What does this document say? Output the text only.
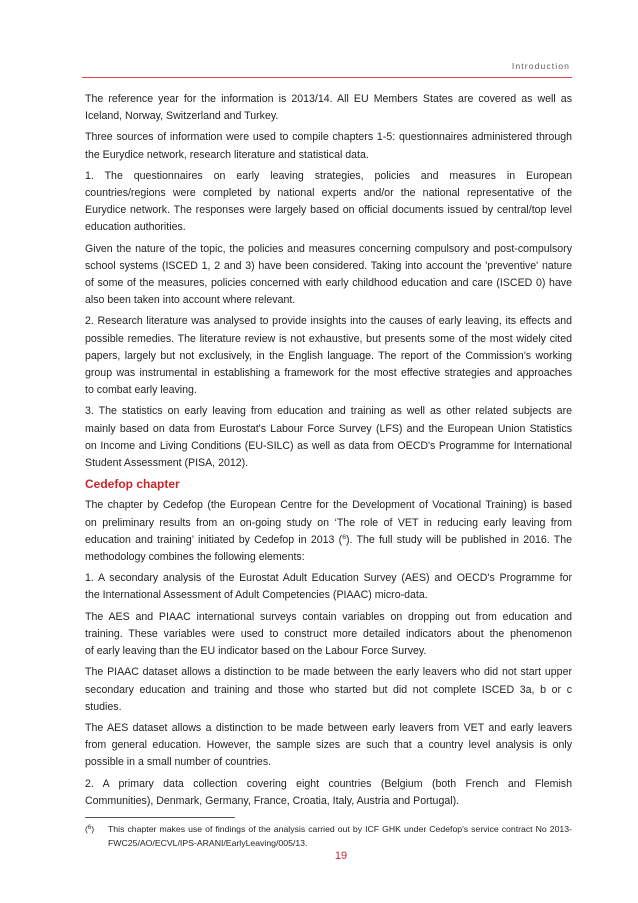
Introduction
The reference year for the information is 2013/14. All EU Members States are covered as well as
Iceland, Norway, Switzerland and Turkey.
Three sources of information were used to compile chapters 1-5: questionnaires administered through
the Eurydice network, research literature and statistical data.
1. The questionnaires on early leaving strategies, policies and measures in European
countries/regions were completed by national experts and/or the national representative of the
Eurydice network. The responses were largely based on official documents issued by central/top level
education authorities.
Given the nature of the topic, the policies and measures concerning compulsory and post-compulsory
school systems (ISCED 1, 2 and 3) have been considered. Taking into account the 'preventive' nature
of some of the measures, policies concerned with early childhood education and care (ISCED 0) have
also been taken into account where relevant.
2. Research literature was analysed to provide insights into the causes of early leaving, its effects and
possible remedies. The literature review is not exhaustive, but presents some of the most widely cited
papers, largely but not exclusively, in the English language. The report of the Commission’s working
group was instrumental in establishing a framework for the most effective strategies and approaches
to combat early leaving.
3. The statistics on early leaving from education and training as well as other related subjects are
mainly based on data from Eurostat's Labour Force Survey (LFS) and the European Union Statistics
on Income and Living Conditions (EU-SILC) as well as data from OECD's Programme for International
Student Assessment (PISA, 2012).
Cedefop chapter
The chapter by Cedefop (the European Centre for the Development of Vocational Training) is based
on preliminary results from an on-going study on ‘The role of VET in reducing early leaving from
education and training’ initiated by Cedefop in 2013 ($^6$). The full study will be published in 2016. The
methodology combines the following elements:
1. A secondary analysis of the Eurostat Adult Education Survey (AES) and OECD's Programme for
the International Assessment of Adult Competencies (PIAAC) micro-data.
The AES and PIAAC international surveys contain variables on dropping out from education and
training. These variables were used to construct more detailed indicators about the phenomenon
of early leaving than the EU indicator based on the Labour Force Survey.
The PIAAC dataset allows a distinction to be made between the early leavers who did not start upper
secondary education and training and those who started but did not complete ISCED 3a, b or c
studies.
The AES dataset allows a distinction to be made between early leavers from VET and early leavers
from general education. However, the sample sizes are such that a country level analysis is only
possible in a small number of countries.
2. A primary data collection covering eight countries (Belgium (both French and Flemish
Communities), Denmark, Germany, France, Croatia, Italy, Austria and Portugal).
($^6$)	This chapter makes use of findings of the analysis carried out by ICF GHK under Cedefop's service contract No 2013-
FWC25/AO/ECVL/IPS-ARANI/EarlyLeaving/005/13.
19
